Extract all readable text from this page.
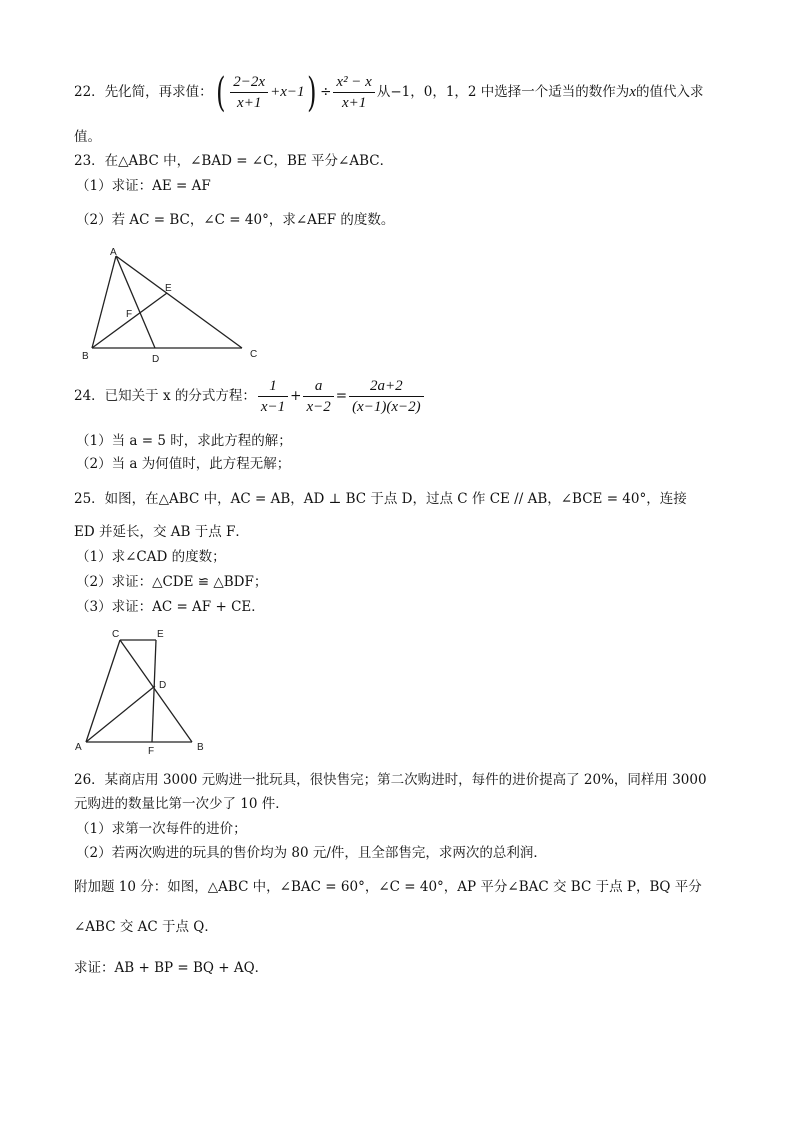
22．先化简，再求值：( $\frac{2-2x}{x+1} +x-1) \div \frac{\text{x² − x}}{x+1}$ 从−1，0，1，2 中选择一个适当的数作为x的值代入求
值。
23．在△ABC 中，∠BAD = ∠C，BE 平分∠ABC．
（1）求证：AE = AF
（2）若 AC = BC，∠C = 40°，求∠AEF 的度数。
A
B	C
D
E
F
24．已知关于 x 的分式方程： $\frac{1}{x-1} + \frac{a}{x-2} = \frac{2a+2}{(x-1)(x-2)}$
（1）当 a = 5 时，求此方程的解；
（2）当 a 为何值时，此方程无解；
25．如图，在△ABC 中，AC = AB，AD ⊥ BC 于点 D，过点 C 作 CE // AB，∠BCE = 40°，连接
ED 并延长，交 AB 于点 F．
（1）求∠CAD 的度数；
（2）求证：△CDE ≌ △BDF；
（3）求证：AC = AF + CE．
C	E
D
A	F	B
26．某商店用 3000 元购进一批玩具，很快售完；第二次购进时，每件的进价提高了 20%，同样用 3000
元购进的数量比第一次少了 10 件．
（1）求第一次每件的进价；
（2）若两次购进的玩具的售价均为 80 元/件，且全部售完，求两次的总利润．
附加题 10 分：如图，△ABC 中，∠BAC = 60°，∠C = 40°，AP 平分∠BAC 交 BC 于点 P，BQ 平分
∠ABC 交 AC 于点 Q．
求证：AB + BP = BQ + AQ．
